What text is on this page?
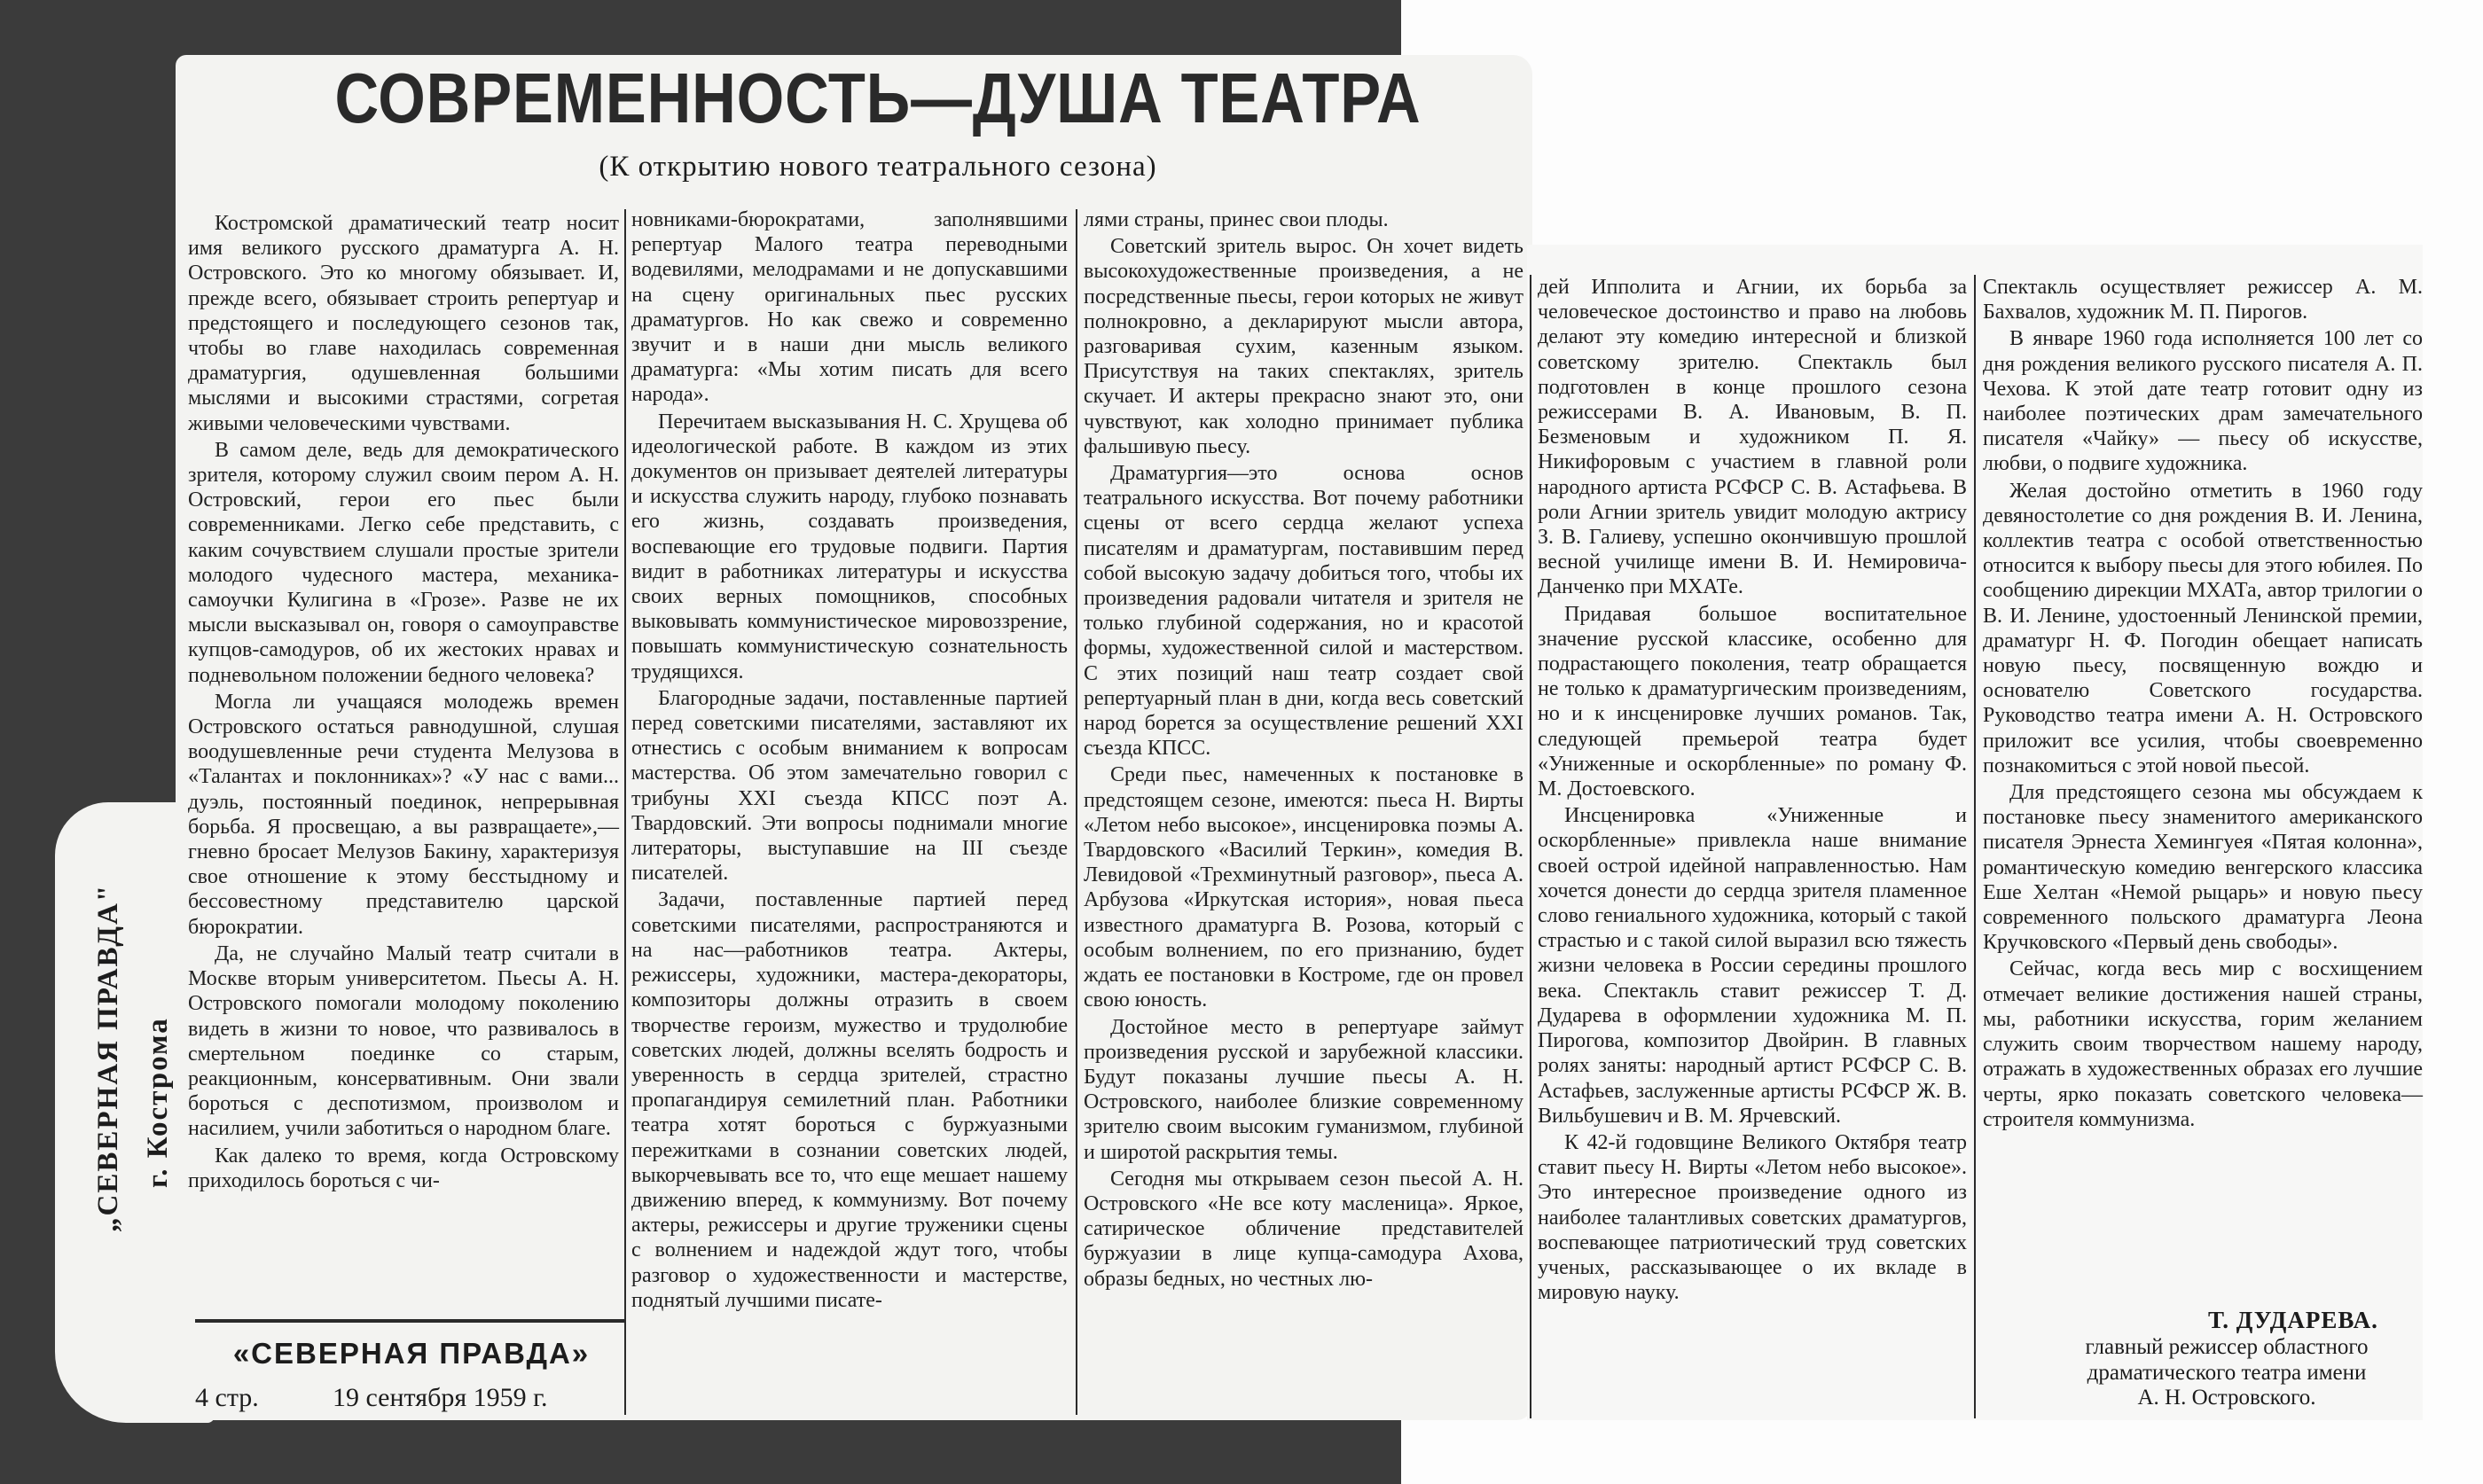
СОВРЕМЕННОСТЬ—ДУША ТЕАТРА
(К открытию нового театрального сезона)

Костромской драматический театр носит имя великого русского драматурга А. Н. Островского. Это ко многому обязывает. И, прежде всего, обязывает строить репертуар и предстоящего и последующего сезонов так, чтобы во главе находилась современная драматургия, одушевленная большими мыслями и высокими страстями, согретая живыми человеческими чувствами.

В самом деле, ведь для демократического зрителя, которому служил своим пером А. Н. Островский, герои его пьес были современниками. Легко себе представить, с каким сочувствием слушали простые зрители молодого чудесного мастера, механика-самоучки Кулигина в «Грозе». Разве не их мысли высказывал он, говоря о самоуправстве купцов-самодуров, об их жестоких нравах и подневольном положении бедного человека?

Могла ли учащаяся молодежь времен Островского остаться равнодушной, слушая воодушевленные речи студента Мелузова в «Талантах и поклонниках»? «У нас с вами... дуэль, постоянный поединок, непрерывная борьба. Я просвещаю, а вы развращаете»,—гневно бросает Мелузов Бакину, характеризуя свое отношение к этому бесстыдному и бессовестному представителю царской бюрократии.

Да, не случайно Малый театр считали в Москве вторым университетом. Пьесы А. Н. Островского помогали молодому поколению видеть в жизни то новое, что развивалось в смертельном поединке со старым, реакционным, консервативным. Они звали бороться с деспотизмом, произволом и насилием, учили заботиться о народном благе.

Как далеко то время, когда Островскому приходилось бороться с чи-

новниками-бюрократами, заполнявшими репертуар Малого театра переводными водевилями, мелодрамами и не допускавшими на сцену оригинальных пьес русских драматургов. Но как свежо и современно звучит и в наши дни мысль великого драматурга: «Мы хотим писать для всего народа».

Перечитаем высказывания Н. С. Хрущева об идеологической работе. В каждом из этих документов он призывает деятелей литературы и искусства служить народу, глубоко познавать его жизнь, создавать произведения, воспевающие его трудовые подвиги. Партия видит в работниках литературы и искусства своих верных помощников, способных выковывать коммунистическое мировоззрение, повышать коммунистическую сознательность трудящихся.

Благородные задачи, поставленные партией перед советскими писателями, заставляют их отнестись с особым вниманием к вопросам мастерства. Об этом замечательно говорил с трибуны XXI съезда КПСС поэт А. Твардовский. Эти вопросы поднимали многие литераторы, выступавшие на III съезде писателей.

Задачи, поставленные партией перед советскими писателями, распространяются и на нас—работников театра. Актеры, режиссеры, художники, мастера-декораторы, композиторы должны отразить в своем творчестве героизм, мужество и трудолюбие советских людей, должны вселять бодрость и уверенность в сердца зрителей, страстно пропагандируя семилетний план. Работники театра хотят бороться с буржуазными пережитками в сознании советских людей, выкорчевывать все то, что еще мешает нашему движению вперед, к коммунизму. Вот почему актеры, режиссеры и другие труженики сцены с волнением и надеждой ждут того, чтобы разговор о художественности и мастерстве, поднятый лучшими писате-

лями страны, принес свои плоды.

Советский зритель вырос. Он хочет видеть высокохудожественные произведения, а не посредственные пьесы, герои которых не живут полнокровно, а декларируют мысли автора, разговаривая сухим, казенным языком. Присутствуя на таких спектаклях, зритель скучает. И актеры прекрасно знают это, они чувствуют, как холодно принимает публика фальшивую пьесу.

Драматургия—это основа основ театрального искусства. Вот почему работники сцены от всего сердца желают успеха писателям и драматургам, поставившим перед собой высокую задачу добиться того, чтобы их произведения радовали читателя и зрителя не только глубиной содержания, но и красотой формы, художественной силой и мастерством. С этих позиций наш театр создает свой репертуарный план в дни, когда весь советский народ борется за осуществление решений XXI съезда КПСС.

Среди пьес, намеченных к постановке в предстоящем сезоне, имеются: пьеса Н. Вирты «Летом небо высокое», инсценировка поэмы А. Твардовского «Василий Теркин», комедия В. Левидовой «Трехминутный разговор», пьеса А. Арбузова «Иркутская история», новая пьеса известного драматурга В. Розова, который с особым волнением, по его признанию, будет ждать ее постановки в Костроме, где он провел свою юность.

Достойное место в репертуаре займут произведения русской и зарубежной классики. Будут показаны лучшие пьесы А. Н. Островского, наиболее близкие современному зрителю своим высоким гуманизмом, глубиной и широтой раскрытия темы.

Сегодня мы открываем сезон пьесой А. Н. Островского «Не все коту масленица». Яркое, сатирическое обличение представителей буржуазии в лице купца-самодура Ахова, образы бедных, но честных лю-

дей Ипполита и Агнии, их борьба за человеческое достоинство и право на любовь делают эту комедию интересной и близкой советскому зрителю. Спектакль был подготовлен в конце прошлого сезона режиссерами В. А. Ивановым, В. П. Безменовым и художником П. Я. Никифоровым с участием в главной роли народного артиста РСФСР С. В. Астафьева. В роли Агнии зритель увидит молодую актрису З. В. Галиеву, успешно окончившую прошлой весной училище имени В. И. Немировича-Данченко при МХАТе.

Придавая большое воспитательное значение русской классике, особенно для подрастающего поколения, театр обращается не только к драматургическим произведениям, но и к инсценировке лучших романов. Так, следующей премьерой театра будет «Униженные и оскорбленные» по роману Ф. М. Достоевского.

Инсценировка «Униженные и оскорбленные» привлекла наше внимание своей острой идейной направленностью. Нам хочется донести до сердца зрителя пламенное слово гениального художника, который с такой страстью и с такой силой выразил всю тяжесть жизни человека в России середины прошлого века. Спектакль ставит режиссер Т. Д. Дударева в оформлении художника М. П. Пирогова, композитор Двойрин. В главных ролях заняты: народный артист РСФСР С. В. Астафьев, заслуженные артисты РСФСР Ж. В. Вильбушевич и В. М. Ярчевский.

К 42-й годовщине Великого Октября театр ставит пьесу Н. Вирты «Летом небо высокое». Это интересное произведение одного из наиболее талантливых советских драматургов, воспевающее патриотический труд советских ученых, рассказывающее о их вкладе в мировую науку.

Спектакль осуществляет режиссер А. М. Бахвалов, художник М. П. Пирогов.

В январе 1960 года исполняется 100 лет со дня рождения великого русского писателя А. П. Чехова. К этой дате театр готовит одну из наиболее поэтических драм замечательного писателя «Чайку» — пьесу об искусстве, любви, о подвиге художника.

Желая достойно отметить в 1960 году девяностолетие со дня рождения В. И. Ленина, коллектив театра с особой ответственностью относится к выбору пьесы для этого юбилея. По сообщению дирекции МХАТа, автор трилогии о В. И. Ленине, удостоенный Ленинской премии, драматург Н. Ф. Погодин обещает написать новую пьесу, посвященную вождю и основателю Советского государства. Руководство театра имени А. Н. Островского приложит все усилия, чтобы своевременно познакомиться с этой новой пьесой.

Для предстоящего сезона мы обсуждаем к постановке пьесу знаменитого американского писателя Эрнеста Хемингуея «Пятая колонна», романтическую комедию венгерского классика Еше Хелтан «Немой рыцарь» и новую пьесу современного польского драматурга Леона Кручковского «Первый день свободы».

Сейчас, когда весь мир с восхищением отмечает великие достижения нашей страны, мы, работники искусства, горим желанием служить своим творчеством нашему народу, отражать в художественных образах его лучшие черты, ярко показать советского человека—строителя коммунизма.

„СЕВЕРНАЯ ПРАВДА" г. Кострома
«СЕВЕРНАЯ ПРАВДА»
4 стр.	19 сентября 1959 г.
Т. ДУДАРЕВА.
главный режиссер областного
драматического театра имени
А. Н. Островского.
